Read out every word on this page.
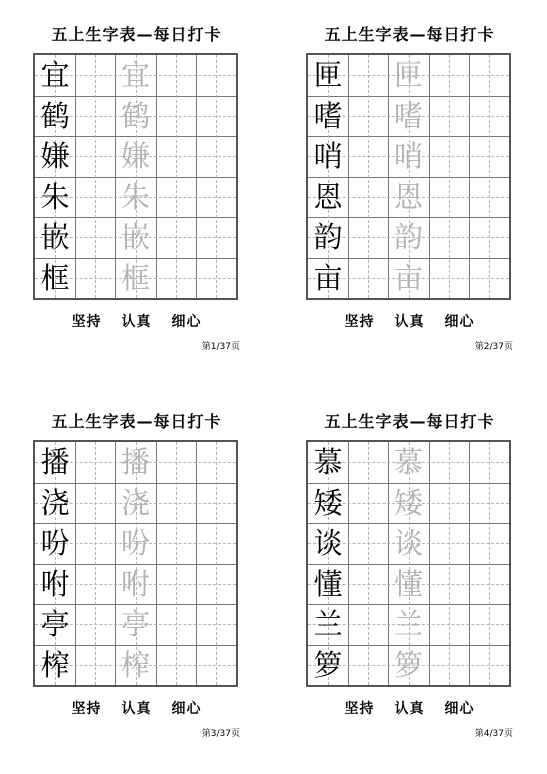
五上生字表—每日打卡
宜 宜
鹤 鹤
嫌 嫌
朱 朱
嵌 嵌
框 框
坚持 认真 细心
第1/37页
五上生字表—每日打卡
匣 匣
嗜 嗜
哨 哨
恩 恩
韵 韵
亩 亩
坚持 认真 细心
第2/37页
五上生字表—每日打卡
播 播
浇 浇
吩 吩
咐 咐
亭 亭
榨 榨
坚持 认真 细心
第3/37页
五上生字表—每日打卡
慕 慕
矮 矮
谈 谈
懂 懂
兰 兰
箩 箩
坚持 认真 细心
第4/37页
